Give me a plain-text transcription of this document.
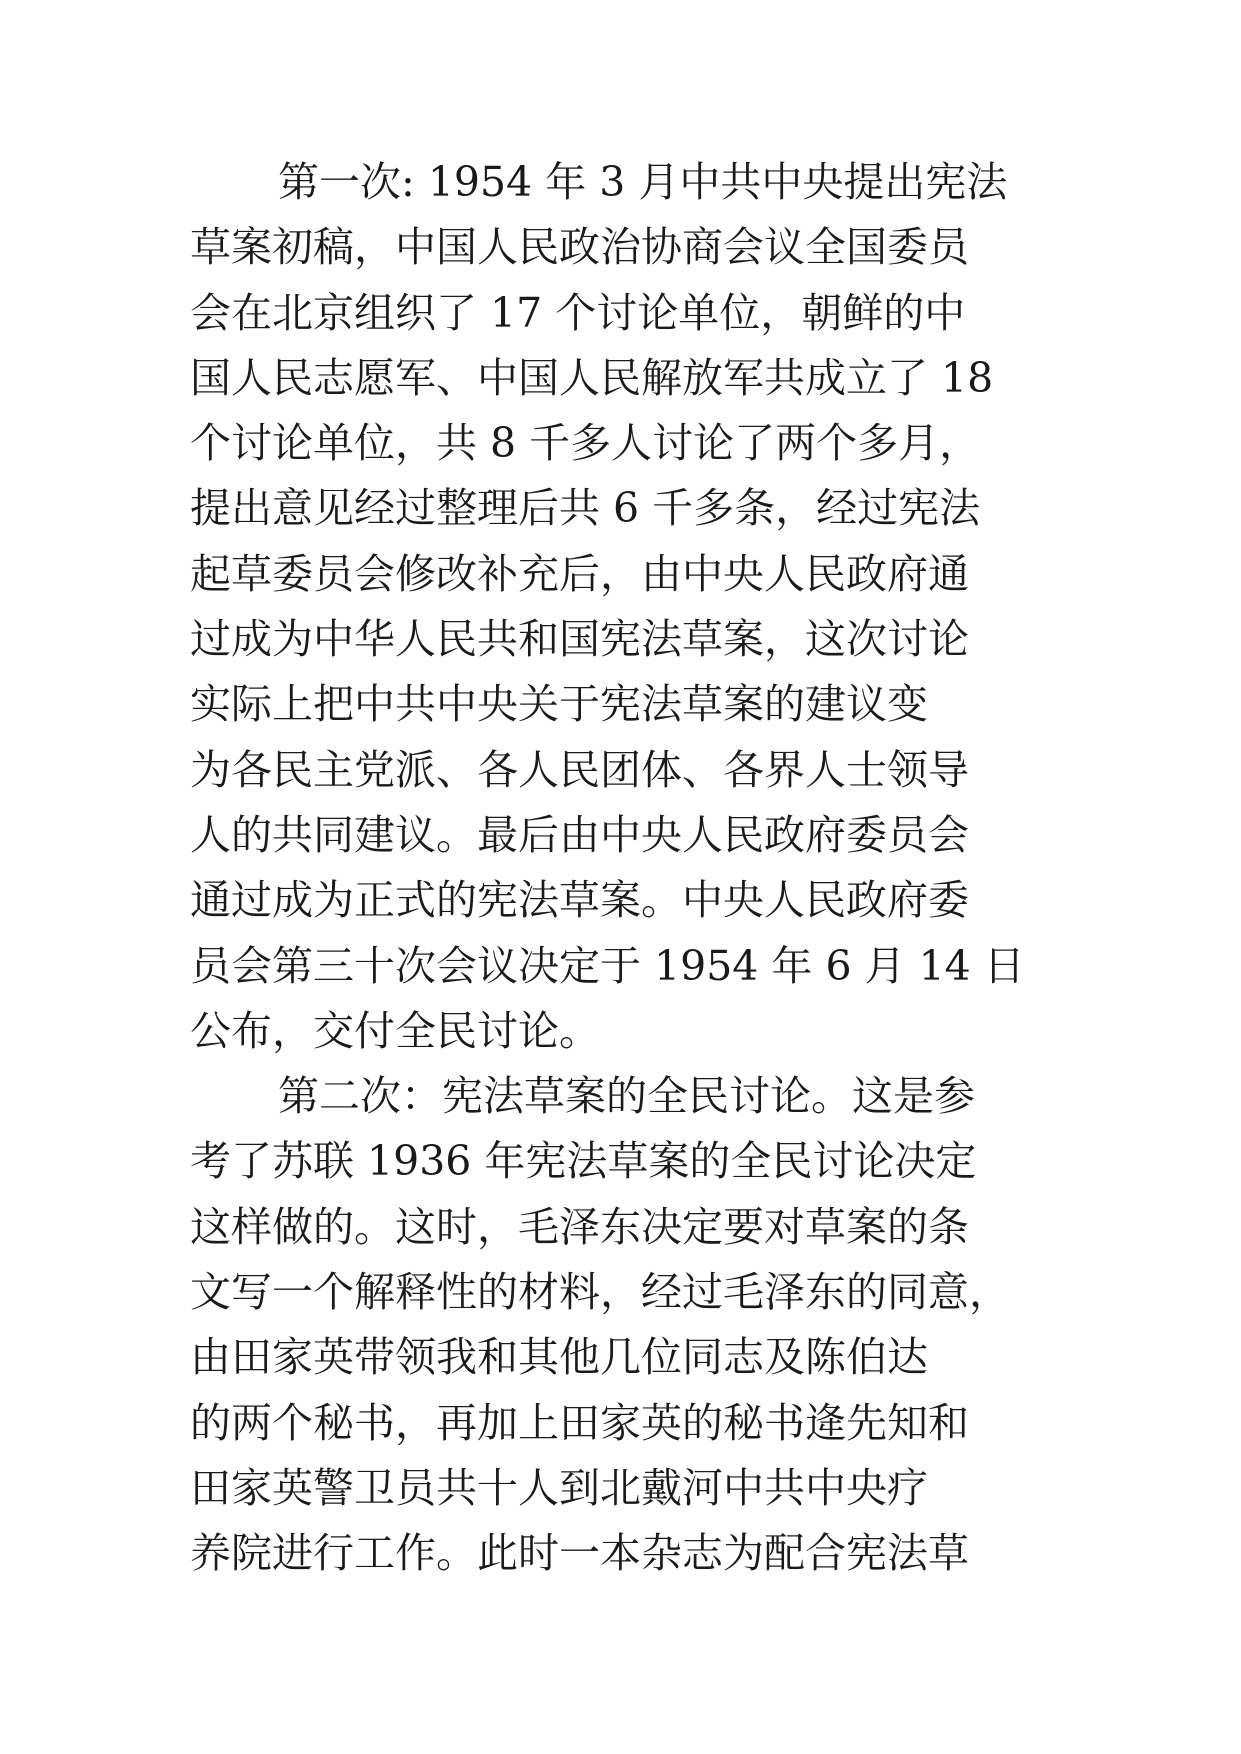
第一次: 1954 年 3 月中共中央提出宪法
草案初稿，中国人民政治协商会议全国委员
会在北京组织了 17 个讨论单位，朝鲜的中
国人民志愿军、中国人民解放军共成立了 18
个讨论单位，共 8 千多人讨论了两个多月，
提出意见经过整理后共 6 千多条，经过宪法
起草委员会修改补充后，由中央人民政府通
过成为中华人民共和国宪法草案，这次讨论
实际上把中共中央关于宪法草案的建议变
为各民主党派、各人民团体、各界人士领导
人的共同建议。最后由中央人民政府委员会
通过成为正式的宪法草案。中央人民政府委
员会第三十次会议决定于 1954 年 6 月 14 日
公布，交付全民讨论。
第二次：宪法草案的全民讨论。这是参
考了苏联 1936 年宪法草案的全民讨论决定
这样做的。这时，毛泽东决定要对草案的条
文写一个解释性的材料，经过毛泽东的同意，
由田家英带领我和其他几位同志及陈伯达
的两个秘书，再加上田家英的秘书逄先知和
田家英警卫员共十人到北戴河中共中央疗
养院进行工作。此时一本杂志为配合宪法草
